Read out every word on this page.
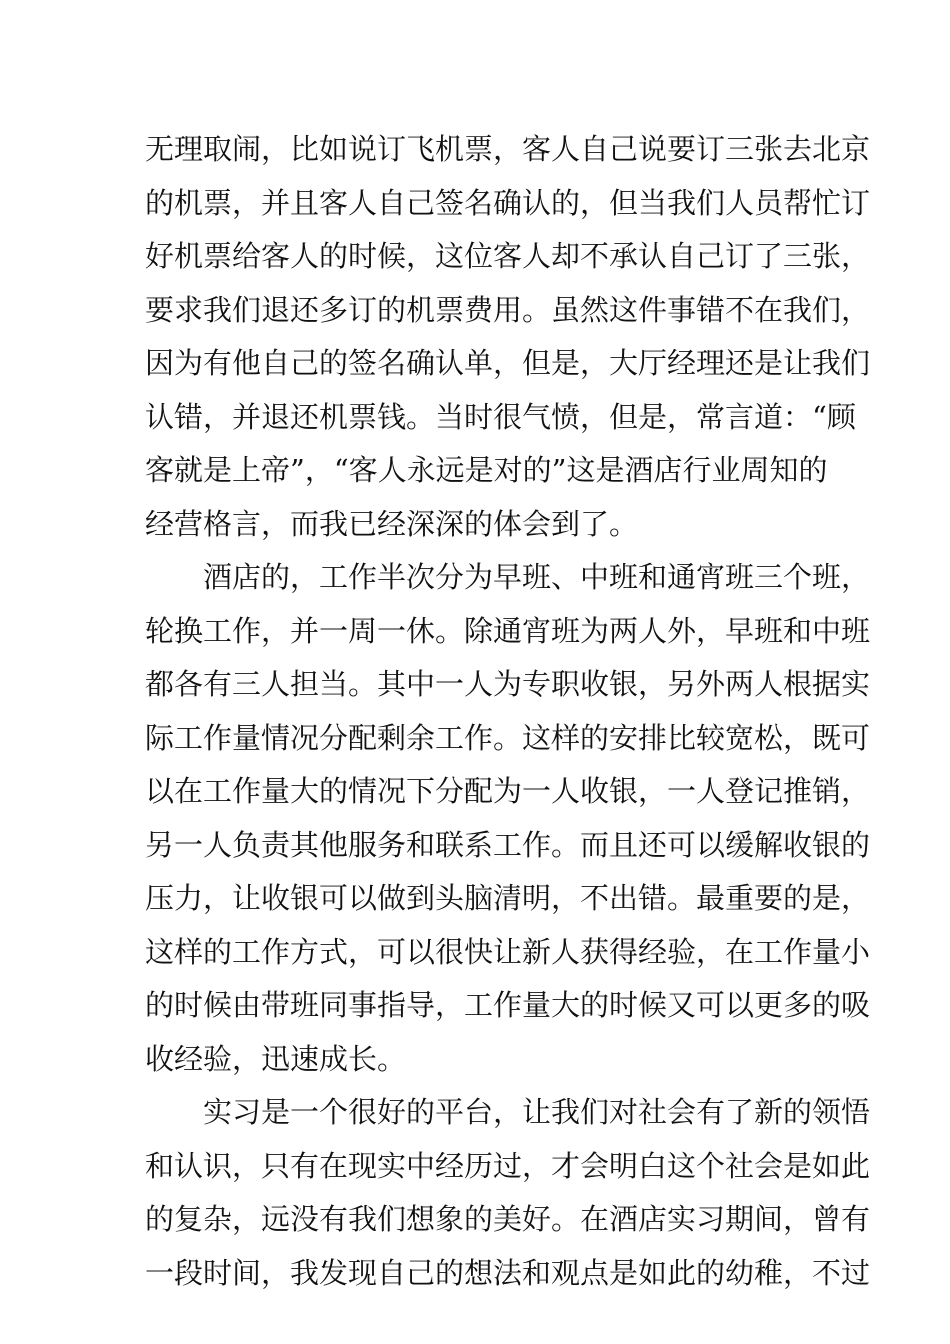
无理取闹，比如说订飞机票，客人自己说要订三张去北京
的机票，并且客人自己签名确认的，但当我们人员帮忙订
好机票给客人的时候，这位客人却不承认自己订了三张，
要求我们退还多订的机票费用。虽然这件事错不在我们，
因为有他自己的签名确认单，但是，大厅经理还是让我们
认错，并退还机票钱。当时很气愤，但是，常言道：“顾
客就是上帝”，“客人永远是对的”这是酒店行业周知的
经营格言，而我已经深深的体会到了。
酒店的，工作半次分为早班、中班和通宵班三个班，
轮换工作，并一周一休。除通宵班为两人外，早班和中班
都各有三人担当。其中一人为专职收银，另外两人根据实
际工作量情况分配剩余工作。这样的安排比较宽松，既可
以在工作量大的情况下分配为一人收银，一人登记推销，
另一人负责其他服务和联系工作。而且还可以缓解收银的
压力，让收银可以做到头脑清明，不出错。最重要的是，
这样的工作方式，可以很快让新人获得经验，在工作量小
的时候由带班同事指导，工作量大的时候又可以更多的吸
收经验，迅速成长。
实习是一个很好的平台，让我们对社会有了新的领悟
和认识，只有在现实中经历过，才会明白这个社会是如此
的复杂，远没有我们想象的美好。在酒店实习期间，曾有
一段时间，我发现自己的想法和观点是如此的幼稚，不过
